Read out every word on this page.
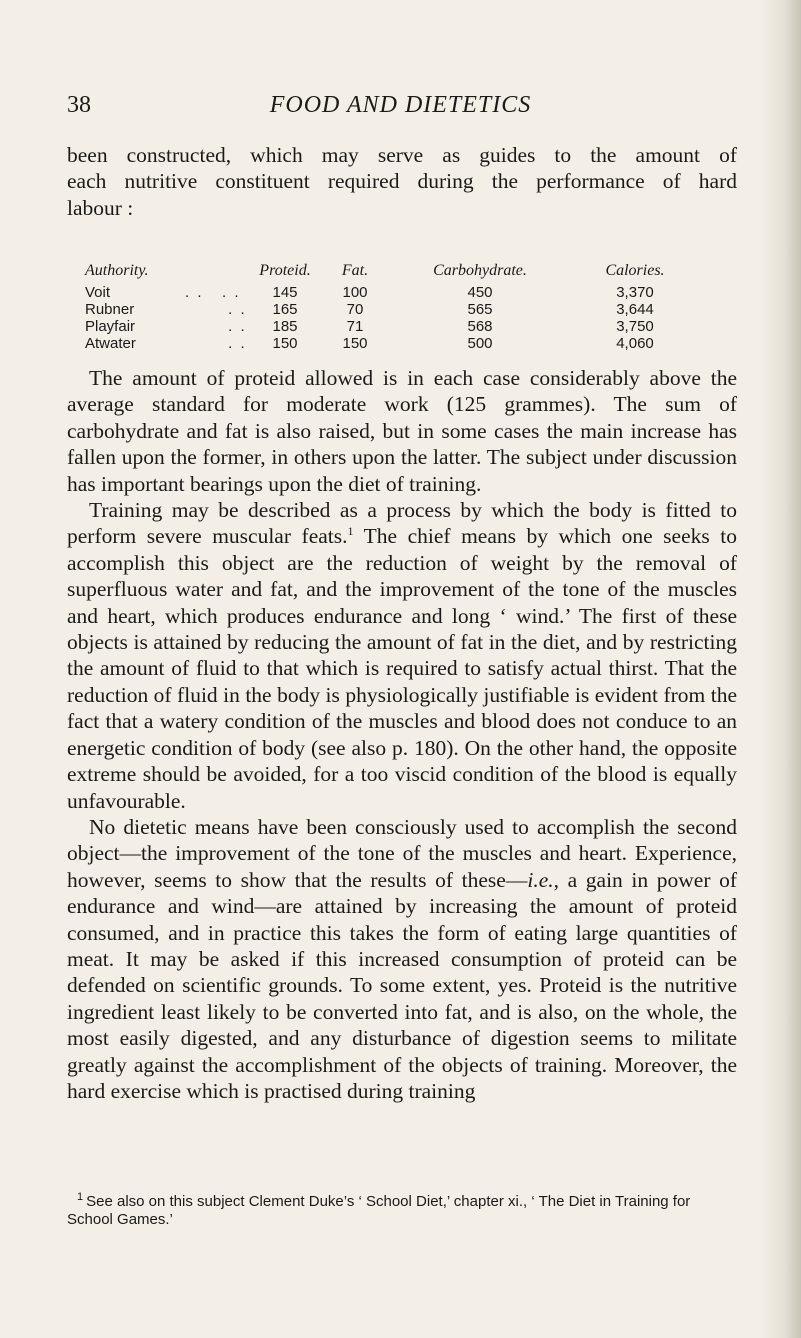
38	FOOD AND DIETETICS
been constructed, which may serve as guides to the amount of
each nutritive constituent required during the performance of hard
labour :
Authority.	Proteid.	Fat.	Carbohydrate.	Calories.
Voit	. .   . .	145	100	450	3,370
Rubner	. .	165	70	565	3,644
Playfair	. .	185	71	568	3,750
Atwater	. .	150	150	500	4,060

The amount of proteid allowed is in each case considerably above the average standard for moderate work (125 grammes). The sum of carbohydrate and fat is also raised, but in some cases the main increase has fallen upon the former, in others upon the latter. The subject under discussion has important bearings upon the diet of training.

Training may be described as a process by which the body is fitted to perform severe muscular feats.$^1$ The chief means by which one seeks to accomplish this object are the reduction of weight by the removal of superfluous water and fat, and the improvement of the tone of the muscles and heart, which produces endurance and long ‘ wind.’ The first of these objects is attained by reducing the amount of fat in the diet, and by restricting the amount of fluid to that which is required to satisfy actual thirst. That the reduction of fluid in the body is physiologically justifiable is evident from the fact that a watery condition of the muscles and blood does not conduce to an energetic condition of body (see also p. 180). On the other hand, the opposite extreme should be avoided, for a too viscid condition of the blood is equally unfavourable.

No dietetic means have been consciously used to accomplish the second object—the improvement of the tone of the muscles and heart. Experience, however, seems to show that the results of these—i.e., a gain in power of endurance and wind—are attained by increasing the amount of proteid consumed, and in practice this takes the form of eating large quantities of meat. It may be asked if this increased consumption of proteid can be defended on scientific grounds. To some extent, yes. Proteid is the nutritive ingredient least likely to be converted into fat, and is also, on the whole, the most easily digested, and any disturbance of digestion seems to militate greatly against the accomplishment of the objects of training. Moreover, the hard exercise which is practised during training

$^1$ See also on this subject Clement Duke’s ‘ School Diet,’ chapter xi., ‘ The Diet in Training for School Games.’
